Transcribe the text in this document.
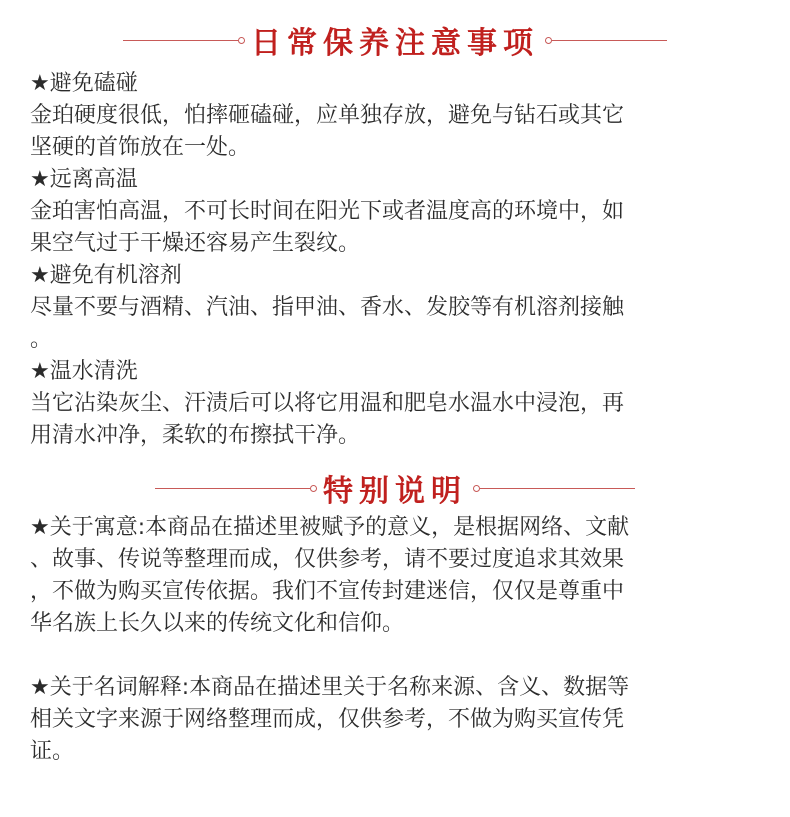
日常保养注意事项
★避免磕碰
金珀硬度很低，怕摔砸磕碰，应单独存放，避免与钻石或其它
坚硬的首饰放在一处。
★远离高温
金珀害怕高温，不可长时间在阳光下或者温度高的环境中，如
果空气过于干燥还容易产生裂纹。
★避免有机溶剂
尽量不要与酒精、汽油、指甲油、香水、发胶等有机溶剂接触
。
★温水清洗
当它沾染灰尘、汗渍后可以将它用温和肥皂水温水中浸泡，再
用清水冲净，柔软的布擦拭干净。
特别说明
★关于寓意:本商品在描述里被赋予的意义，是根据网络、文献
、故事、传说等整理而成，仅供参考，请不要过度追求其效果
，不做为购买宣传依据。我们不宣传封建迷信，仅仅是尊重中
华名族上长久以来的传统文化和信仰。
★关于名词解释:本商品在描述里关于名称来源、含义、数据等
相关文字来源于网络整理而成，仅供参考，不做为购买宣传凭
证。
